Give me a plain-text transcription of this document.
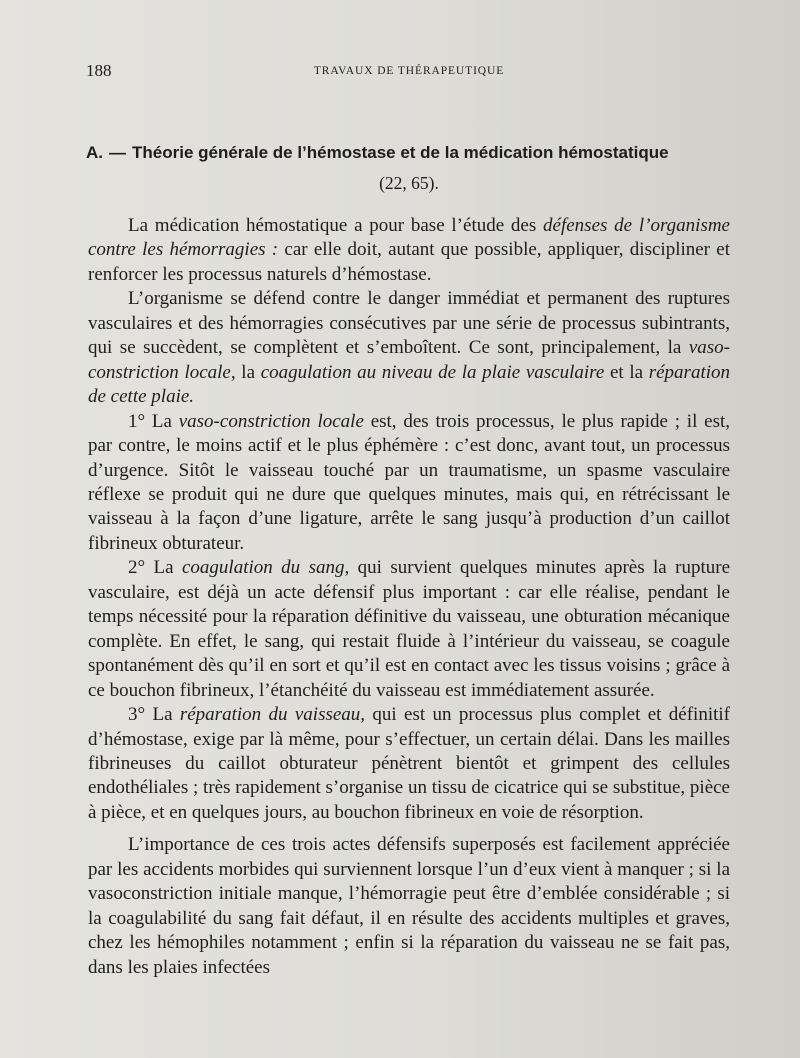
188	TRAVAUX DE THÉRAPEUTIQUE
A. — Théorie générale de l’hémostase et de la médication hémostatique
(22, 65).

La médication hémostatique a pour base l’étude des défenses de l’organisme contre les hémorragies : car elle doit, autant que possible, appliquer, discipliner et renforcer les processus naturels d’hémostase.

L’organisme se défend contre le danger immédiat et permanent des ruptures vasculaires et des hémorragies consécutives par une série de processus subintrants, qui se succèdent, se complètent et s’emboîtent. Ce sont, principalement, la vaso-constriction locale, la coagulation au niveau de la plaie vasculaire et la réparation de cette plaie.

1° La vaso-constriction locale est, des trois processus, le plus rapide ; il est, par contre, le moins actif et le plus éphémère : c’est donc, avant tout, un processus d’urgence. Sitôt le vaisseau touché par un traumatisme, un spasme vasculaire réflexe se produit qui ne dure que quelques minutes, mais qui, en rétrécissant le vaisseau à la façon d’une ligature, arrête le sang jusqu’à production d’un caillot fibrineux obturateur.

2° La coagulation du sang, qui survient quelques minutes après la rupture vasculaire, est déjà un acte défensif plus important : car elle réalise, pendant le temps nécessité pour la réparation définitive du vaisseau, une obturation mécanique complète. En effet, le sang, qui restait fluide à l’intérieur du vaisseau, se coagule spontanément dès qu’il en sort et qu’il est en contact avec les tissus voisins ; grâce à ce bouchon fibrineux, l’étanchéité du vaisseau est immédiatement assurée.

3° La réparation du vaisseau, qui est un processus plus complet et définitif d’hémostase, exige par là même, pour s’effectuer, un certain délai. Dans les mailles fibrineuses du caillot obturateur pénètrent bientôt et grimpent des cellules endothéliales ; très rapidement s’organise un tissu de cicatrice qui se substitue, pièce à pièce, et en quelques jours, au bouchon fibrineux en voie de résorption.

L’importance de ces trois actes défensifs superposés est facilement appréciée par les accidents morbides qui surviennent lorsque l’un d’eux vient à manquer ; si la vasoconstriction initiale manque, l’hémorragie peut être d’emblée considérable ; si la coagulabilité du sang fait défaut, il en résulte des accidents multiples et graves, chez les hémophiles notamment ; enfin si la réparation du vaisseau ne se fait pas, dans les plaies infectées
